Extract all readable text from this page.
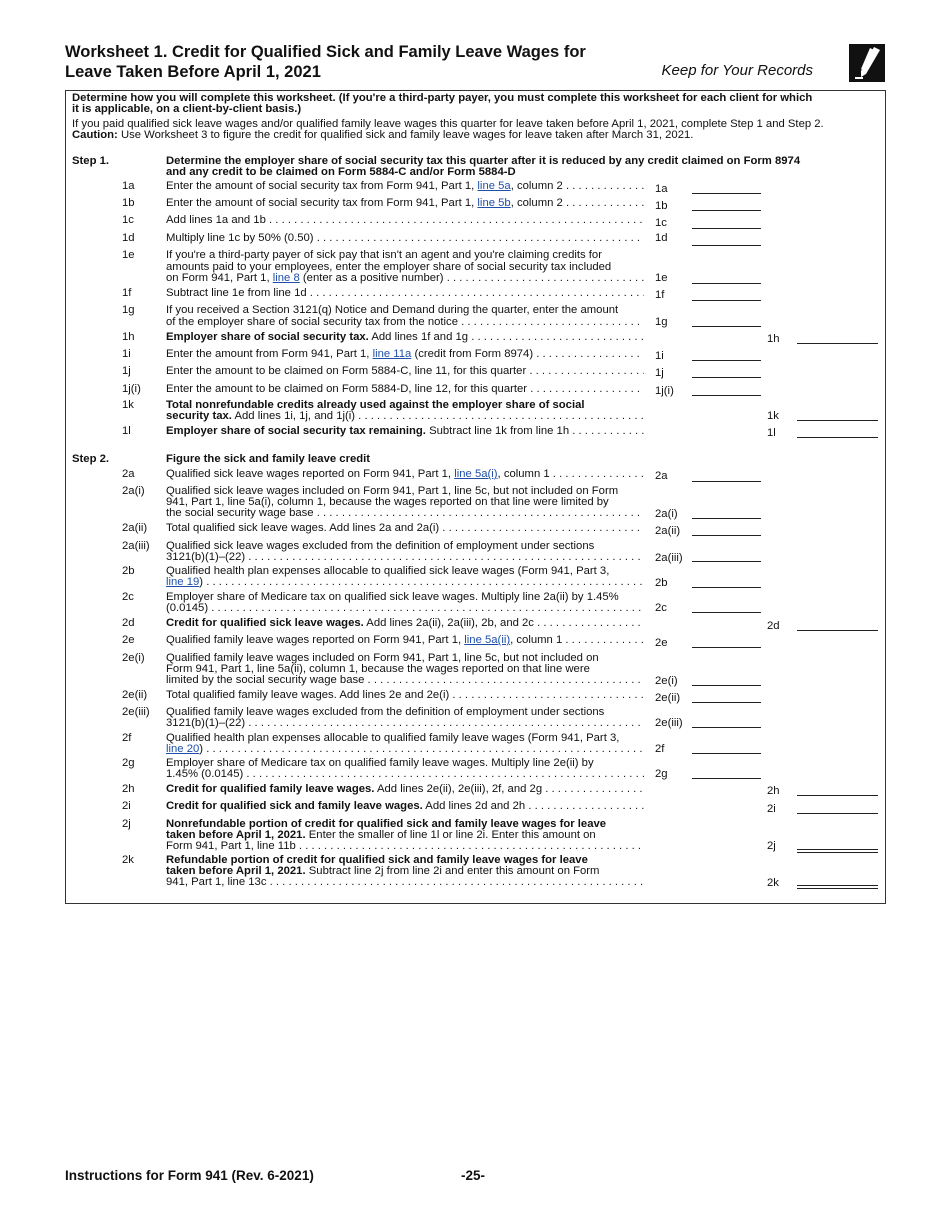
Worksheet 1. Credit for Qualified Sick and Family Leave Wages for
Leave Taken Before April 1, 2021	Keep for Your Records
Determine how you will complete this worksheet. (If you're a third-party payer, you must complete this worksheet for each client for which
it is applicable, on a client-by-client basis.)
If you paid qualified sick leave wages and/or qualified family leave wages this quarter for leave taken before April 1, 2021, complete Step 1 and Step 2.
Caution: Use Worksheet 3 to figure the credit for qualified sick and family leave wages for leave taken after March 31, 2021.
Step 1.	Determine the employer share of social security tax this quarter after it is reduced by any credit claimed on Form 8974
and any credit to be claimed on Form 5884-C and/or Form 5884-D
1a	Enter the amount of social security tax from Form 941, Part 1, line 5a, column 2 . . .	1a
1b	Enter the amount of social security tax from Form 941, Part 1, line 5b, column 2 . . .	1b
1c	Add lines 1a and 1b . . .	1c
1d	Multiply line 1c by 50% (0.50) . . .	1d
1e	If you're a third-party payer of sick pay that isn't an agent and you're claiming credits for
amounts paid to your employees, enter the employer share of social security tax included
on Form 941, Part 1, line 8 (enter as a positive number) . . .	1e
1f	Subtract line 1e from line 1d . . .	1f
1g	If you received a Section 3121(q) Notice and Demand during the quarter, enter the amount
of the employer share of social security tax from the notice . . .	1g
1h	Employer share of social security tax. Add lines 1f and 1g . . .	1h
1i	Enter the amount from Form 941, Part 1, line 11a (credit from Form 8974) . . .	1i
1j	Enter the amount to be claimed on Form 5884-C, line 11, for this quarter . . .	1j
1j(i) Enter the amount to be claimed on Form 5884-D, line 12, for this quarter . . .	1j(i)
1k	Total nonrefundable credits already used against the employer share of social
security tax. Add lines 1i, 1j, and 1j(i) . . .	1k
1l	Employer share of social security tax remaining. Subtract line 1k from line 1h . . .	1l
Step 2.	Figure the sick and family leave credit
2a	Qualified sick leave wages reported on Form 941, Part 1, line 5a(i), column 1 . . .	2a
2a(i) Qualified sick leave wages included on Form 941, Part 1, line 5c, but not included on Form
941, Part 1, line 5a(i), column 1, because the wages reported on that line were limited by
the social security wage base . . .	2a(i)
2a(ii) Total qualified sick leave wages. Add lines 2a and 2a(i) . . .	2a(ii)
2a(iii) Qualified sick leave wages excluded from the definition of employment under sections
3121(b)(1)–(22) . . .	2a(iii)
2b	Qualified health plan expenses allocable to qualified sick leave wages (Form 941, Part 3,
line 19) . . .	2b
2c	Employer share of Medicare tax on qualified sick leave wages. Multiply line 2a(ii) by 1.45%
(0.0145) . . .	2c
2d	Credit for qualified sick leave wages. Add lines 2a(ii), 2a(iii), 2b, and 2c . . .	2d
2e	Qualified family leave wages reported on Form 941, Part 1, line 5a(ii), column 1 . . .	2e
2e(i) Qualified family leave wages included on Form 941, Part 1, line 5c, but not included on
Form 941, Part 1, line 5a(ii), column 1, because the wages reported on that line were
limited by the social security wage base . . .	2e(i)
2e(ii) Total qualified family leave wages. Add lines 2e and 2e(i) . . .	2e(ii)
2e(iii) Qualified family leave wages excluded from the definition of employment under sections
3121(b)(1)–(22) . . .	2e(iii)
2f	Qualified health plan expenses allocable to qualified family leave wages (Form 941, Part 3,
line 20) . . .	2f
2g	Employer share of Medicare tax on qualified family leave wages. Multiply line 2e(ii) by
1.45% (0.0145) . . .	2g
2h	Credit for qualified family leave wages. Add lines 2e(ii), 2e(iii), 2f, and 2g . . .	2h
2i	Credit for qualified sick and family leave wages. Add lines 2d and 2h . . .	2i
2j	Nonrefundable portion of credit for qualified sick and family leave wages for leave
taken before April 1, 2021. Enter the smaller of line 1l or line 2i. Enter this amount on
Form 941, Part 1, line 11b . . .	2j
2k	Refundable portion of credit for qualified sick and family leave wages for leave
taken before April 1, 2021. Subtract line 2j from line 2i and enter this amount on Form
941, Part 1, line 13c . . .	2k
Instructions for Form 941 (Rev. 6-2021)	-25-
